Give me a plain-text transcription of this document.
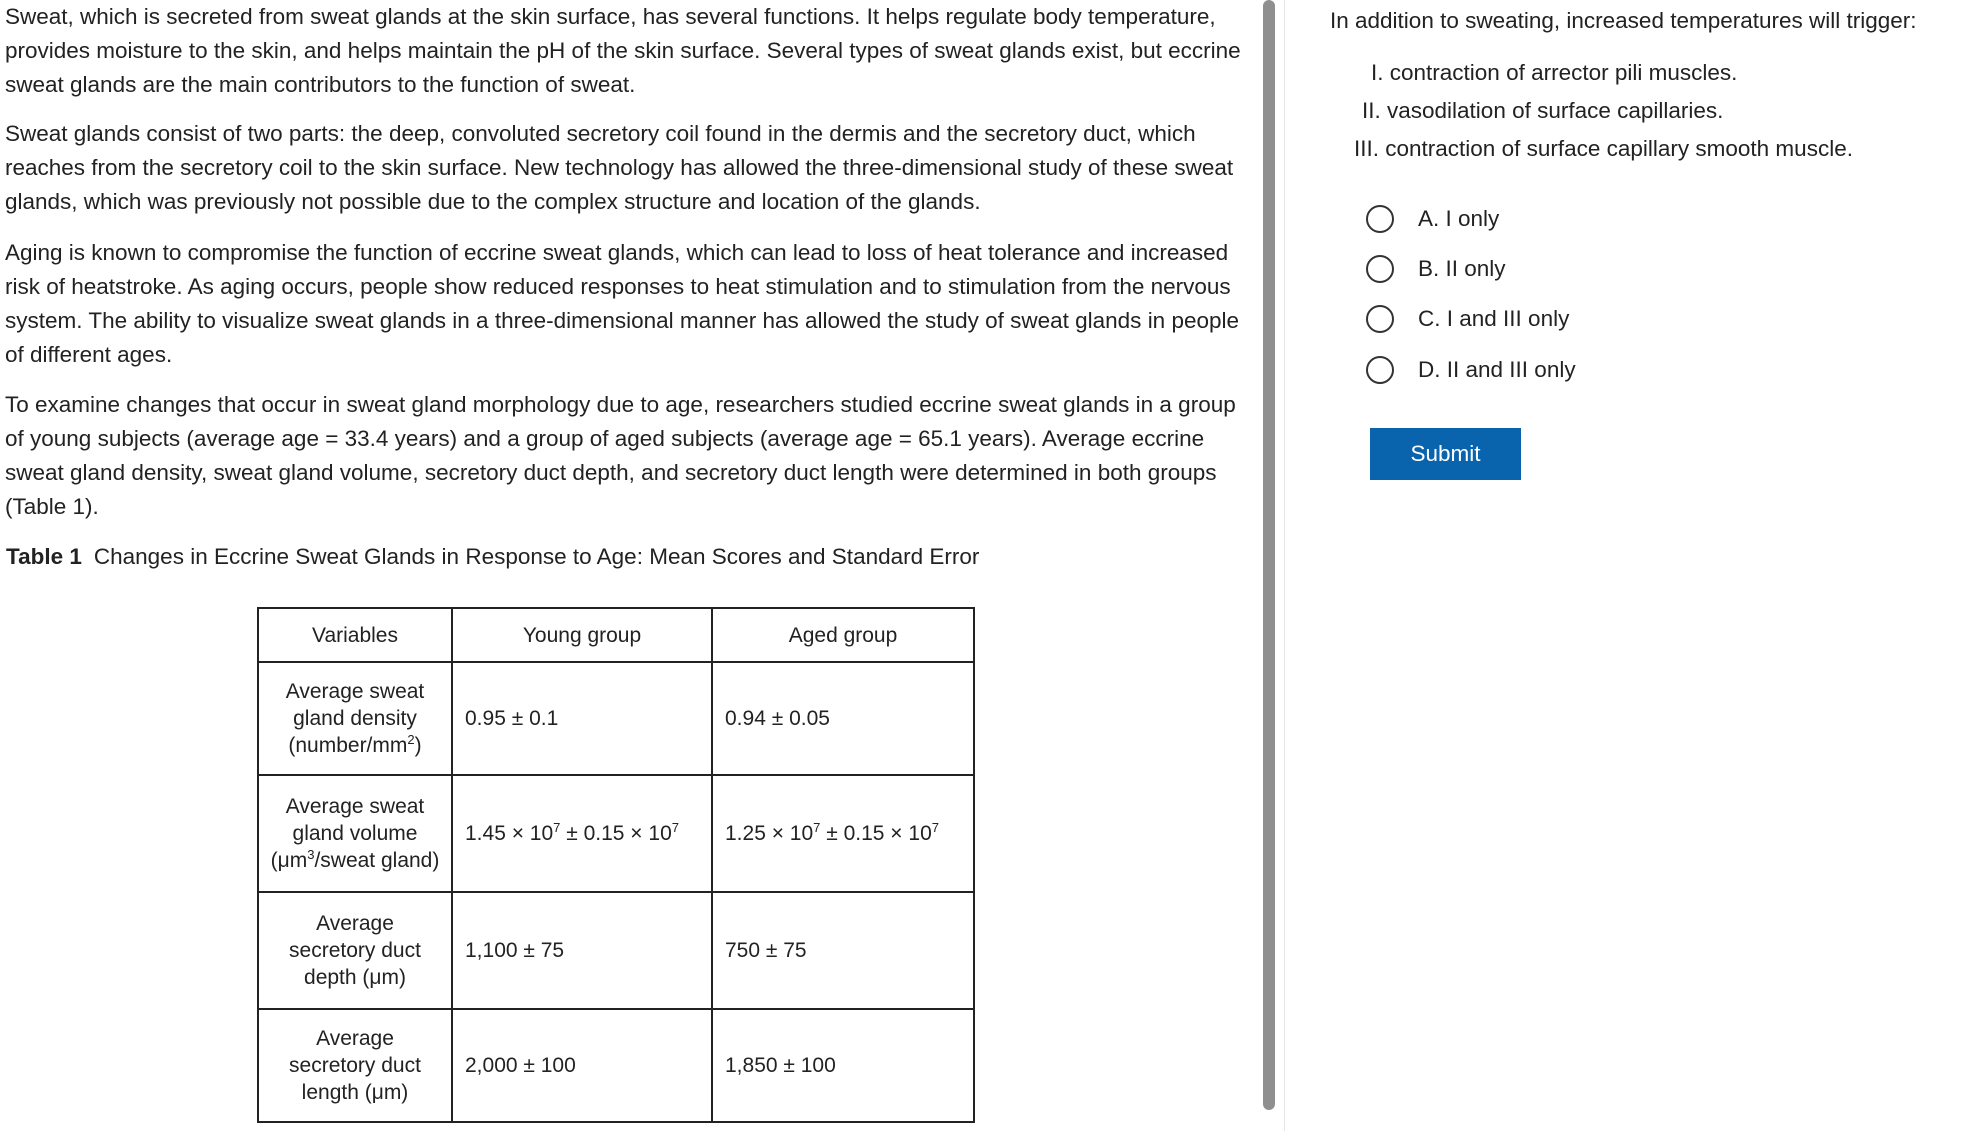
Sweat, which is secreted from sweat glands at the skin surface, has several functions. It helps regulate body temperature, provides moisture to the skin, and helps maintain the pH of the skin surface. Several types of sweat glands exist, but eccrine sweat glands are the main contributors to the function of sweat.

Sweat glands consist of two parts: the deep, convoluted secretory coil found in the dermis and the secretory duct, which reaches from the secretory coil to the skin surface. New technology has allowed the three-dimensional study of these sweat glands, which was previously not possible due to the complex structure and location of the glands.

Aging is known to compromise the function of eccrine sweat glands, which can lead to loss of heat tolerance and increased risk of heatstroke. As aging occurs, people show reduced responses to heat stimulation and to stimulation from the nervous system. The ability to visualize sweat glands in a three-dimensional manner has allowed the study of sweat glands in people of different ages.

To examine changes that occur in sweat gland morphology due to age, researchers studied eccrine sweat glands in a group of young subjects (average age = 33.4 years) and a group of aged subjects (average age = 65.1 years). Average eccrine sweat gland density, sweat gland volume, secretory duct depth, and secretory duct length were determined in both groups (Table 1).

Table 1 Changes in Eccrine Sweat Glands in Response to Age: Mean Scores and Standard Error
Variables	Young group	Aged group
Average sweat
gland density
$(number/mm^2)$	0.95 ± 0.1	0.94 ± 0.05
Average sweat
gland volume
($\mu m^3$/sweat gland)	$1.45 \times 10^7 \pm 0.15 \times 10^7$	$1.25 \times 10^7 \pm 0.15 \times 10^7$
Average
secretory duct
depth (μm)	1,100 ± 75	750 ± 75
Average
secretory duct
length (μm)	2,000 ± 100	1,850 ± 100

In addition to sweating, increased temperatures will trigger:

I. contraction of arrector pili muscles.
II. vasodilation of surface capillaries.
III. contraction of surface capillary smooth muscle.
A. I only
B. II only
C. I and III only
D. II and III only
Submit
